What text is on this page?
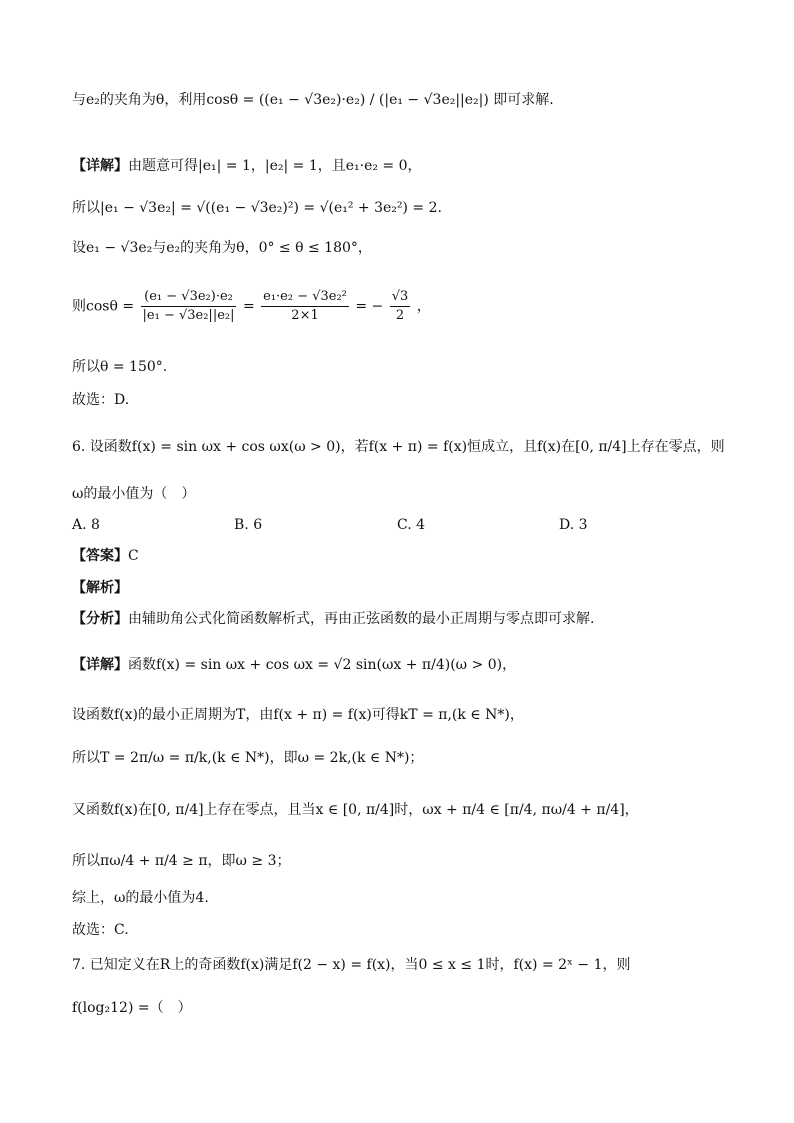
与e₂的夹角为θ，利用cosθ = ((e₁ − √3e₂)·e₂) / (|e₁ − √3e₂||e₂|) 即可求解.
【详解】由题意可得|e₁| = 1，|e₂| = 1，且e₁·e₂ = 0，
所以|e₁ − √3e₂| = √((e₁ − √3e₂)²) = √(e₁² + 3e₂²) = 2.
设e₁ − √3e₂与e₂的夹角为θ，0° ≤ θ ≤ 180°，
则$\cos\theta = \frac{\text{(e₁ − √3e₂)·e₂}}{\text{|e₁ − √3e₂||e₂|}} = \frac{\text{e₁·e₂ − √3e₂²}}{2\times 1}$ = − $\frac{√3}{2}$ ，
所以θ = 150°.
故选：D.
6. 设函数f(x) = sin ωx + cos ωx(ω > 0)，若f(x + π) = f(x)恒成立，且f(x)在[0, π/4]上存在零点，则
ω的最小值为（　）
A. 8	B. 6	C. 4	D. 3
【答案】C
【解析】
【分析】由辅助角公式化简函数解析式，再由正弦函数的最小正周期与零点即可求解.
【详解】函数f(x) = sin ωx + cos ωx = √2 sin(ωx + π/4)(ω > 0)，
设函数f(x)的最小正周期为T，由f(x + π) = f(x)可得kT = π,(k ∈ N*)，
所以T = 2π/ω = π/k,(k ∈ N*)，即ω = 2k,(k ∈ N*)；
又函数f(x)在[0, π/4]上存在零点，且当x ∈ [0, π/4]时，ωx + π/4 ∈ [π/4, πω/4 + π/4]，
所以πω/4 + π/4 ≥ π，即ω ≥ 3；
综上，ω的最小值为4.
故选：C.
7. 已知定义在R上的奇函数f(x)满足f(2 − x) = f(x)，当0 ≤ x ≤ 1时，f(x) = 2ˣ − 1，则
f(log₂12) =（　）
